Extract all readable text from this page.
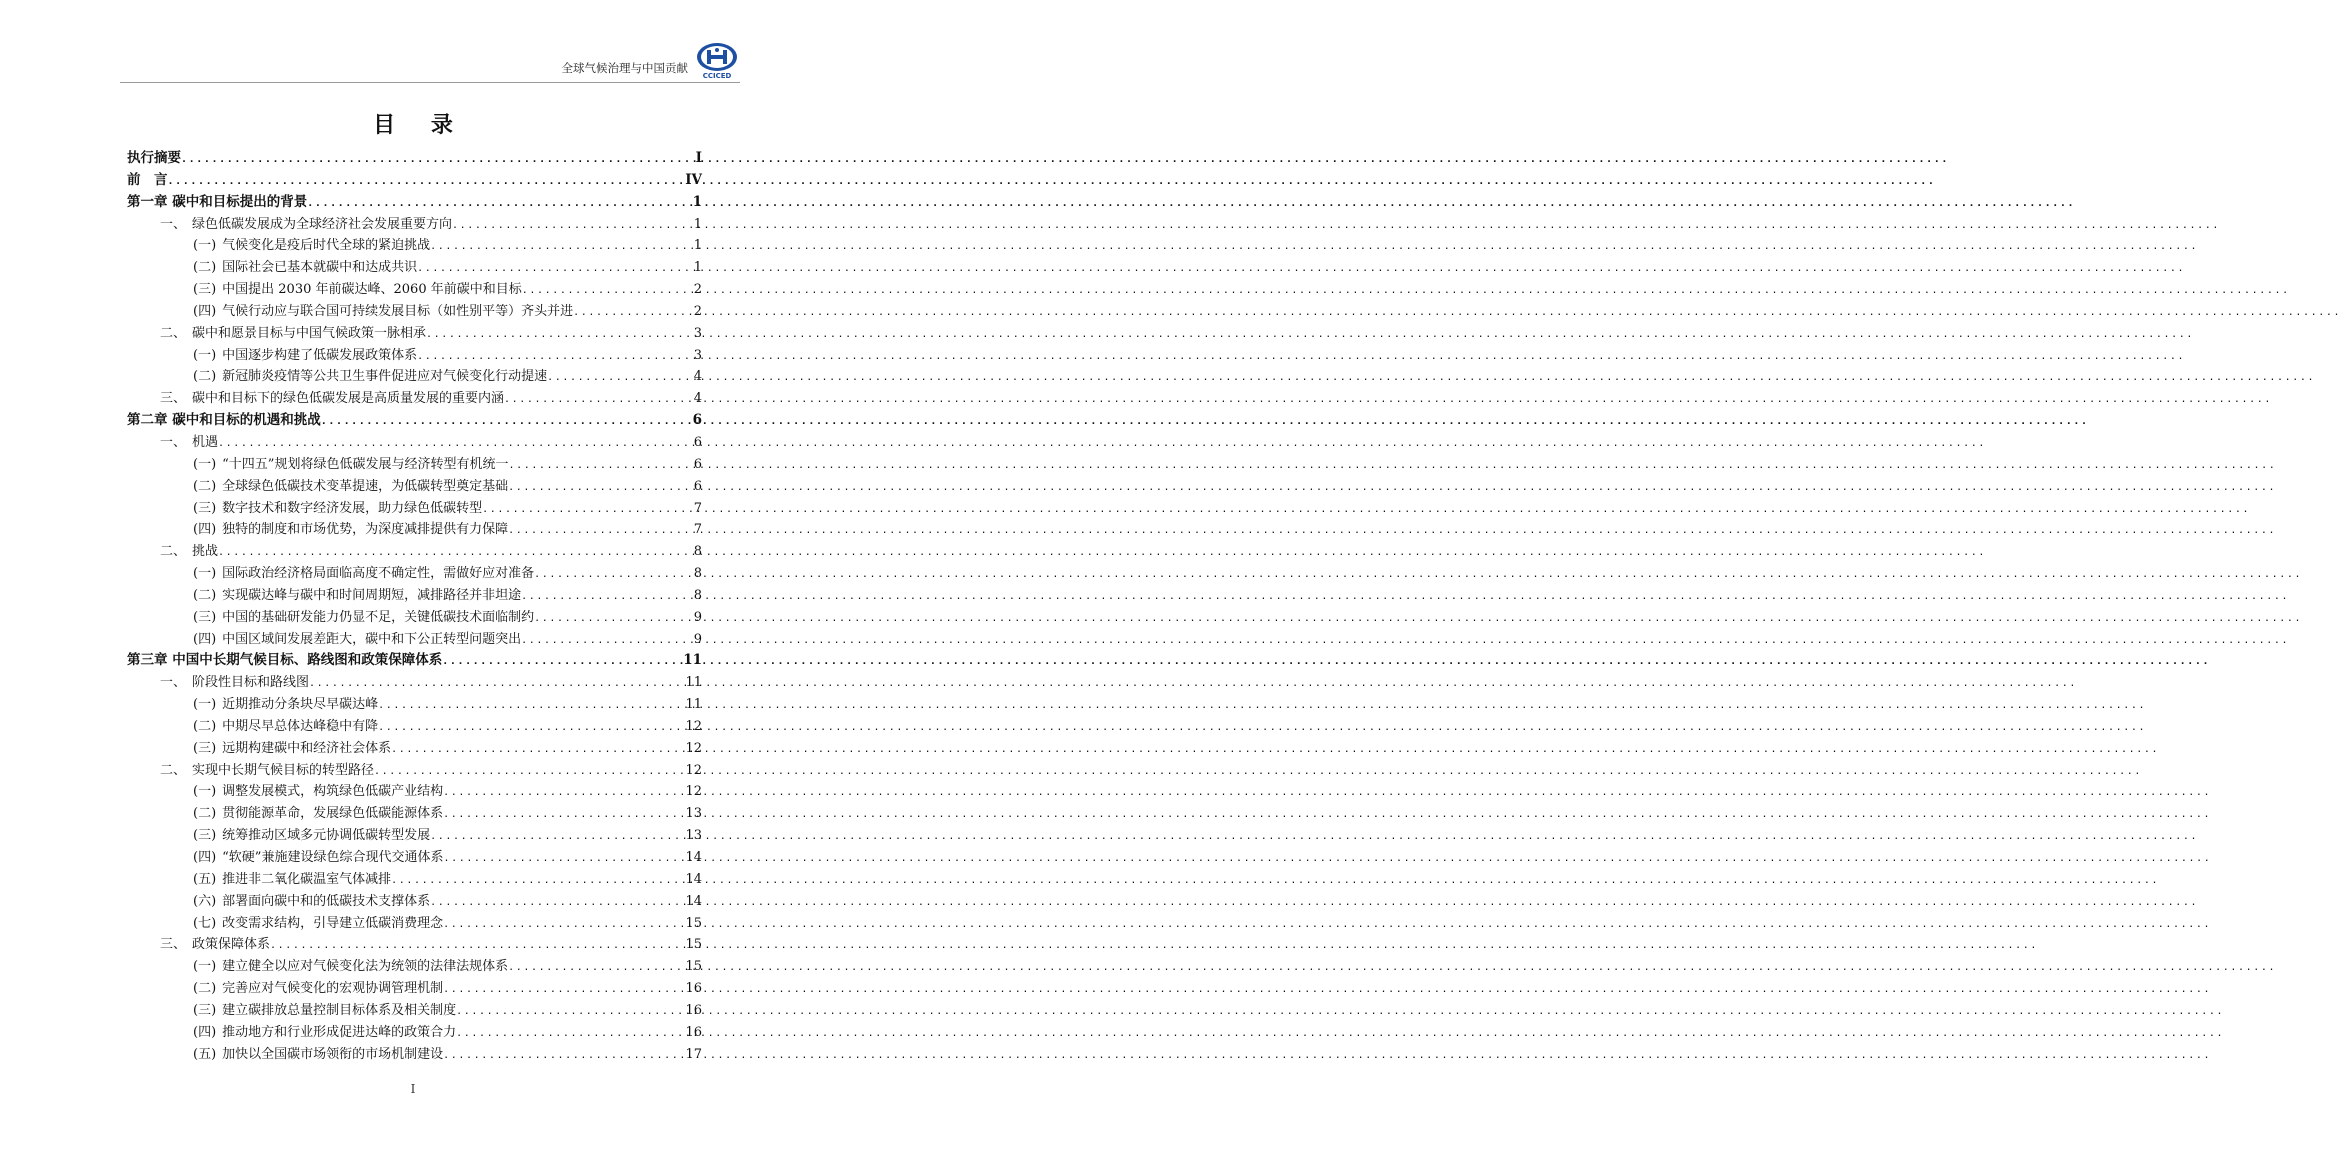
全球气候治理与中国贡献
CCICED
目 录
执行摘要 .....	I
前　言 .....	IV
第一章 碳中和目标提出的背景 .....	1
一、 绿色低碳发展成为全球经济社会发展重要方向 .....	1
(一) 气候变化是疫后时代全球的紧迫挑战 .....	1
(二) 国际社会已基本就碳中和达成共识 .....	1
(三) 中国提出 2030 年前碳达峰、2060 年前碳中和目标 .....	2
(四) 气候行动应与联合国可持续发展目标（如性别平等）齐头并进 .....	2
二、 碳中和愿景目标与中国气候政策一脉相承 .....	3
(一) 中国逐步构建了低碳发展政策体系 .....	3
(二) 新冠肺炎疫情等公共卫生事件促进应对气候变化行动提速 .....	4
三、 碳中和目标下的绿色低碳发展是高质量发展的重要内涵 .....	4
第二章 碳中和目标的机遇和挑战 .....	6
一、 机遇 .....	6
(一) “十四五”规划将绿色低碳发展与经济转型有机统一 .....	6
(二) 全球绿色低碳技术变革提速，为低碳转型奠定基础 .....	6
(三) 数字技术和数字经济发展，助力绿色低碳转型 .....	7
(四) 独特的制度和市场优势，为深度减排提供有力保障 .....	7
二、 挑战 .....	8
(一) 国际政治经济格局面临高度不确定性，需做好应对准备 .....	8
(二) 实现碳达峰与碳中和时间周期短，减排路径并非坦途 .....	8
(三) 中国的基础研发能力仍显不足，关键低碳技术面临制约 .....	9
(四) 中国区域间发展差距大，碳中和下公正转型问题突出 .....	9
第三章 中国中长期气候目标、路线图和政策保障体系 .....	11
一、 阶段性目标和路线图 .....	11
(一) 近期推动分条块尽早碳达峰 .....	11
(二) 中期尽早总体达峰稳中有降 .....	12
(三) 远期构建碳中和经济社会体系 .....	12
二、 实现中长期气候目标的转型路径 .....	12
(一) 调整发展模式，构筑绿色低碳产业结构 .....	12
(二) 贯彻能源革命，发展绿色低碳能源体系 .....	13
(三) 统筹推动区域多元协调低碳转型发展 .....	13
(四) “软硬”兼施建设绿色综合现代交通体系 .....	14
(五) 推进非二氧化碳温室气体减排 .....	14
(六) 部署面向碳中和的低碳技术支撑体系 .....	14
(七) 改变需求结构，引导建立低碳消费理念 .....	15
三、 政策保障体系 .....	15
(一) 建立健全以应对气候变化法为统领的法律法规体系 .....	15
(二) 完善应对气候变化的宏观协调管理机制 .....	16
(三) 建立碳排放总量控制目标体系及相关制度 .....	16
(四) 推动地方和行业形成促进达峰的政策合力 .....	16
(五) 加快以全国碳市场领衔的市场机制建设 .....	17
I
